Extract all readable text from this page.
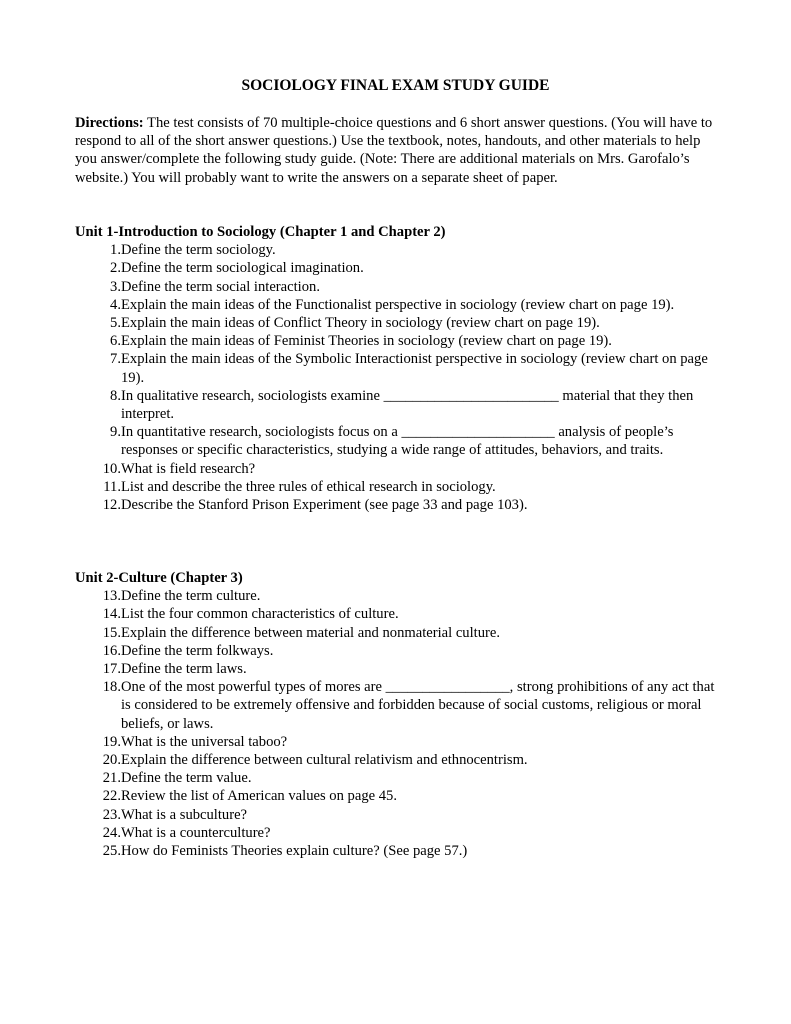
SOCIOLOGY FINAL EXAM STUDY GUIDE

Directions: The test consists of 70 multiple-choice questions and 6 short answer questions. (You will have to respond to all of the short answer questions.) Use the textbook, notes, handouts, and other materials to help you answer/complete the following study guide. (Note: There are additional materials on Mrs. Garofalo’s website.) You will probably want to write the answers on a separate sheet of paper.

Unit 1-Introduction to Sociology (Chapter 1 and Chapter 2)

1. Define the term sociology.
2. Define the term sociological imagination.
3. Define the term social interaction.
4. Explain the main ideas of the Functionalist perspective in sociology (review chart on page 19).
5. Explain the main ideas of Conflict Theory in sociology (review chart on page 19).
6. Explain the main ideas of Feminist Theories in sociology (review chart on page 19).
7. Explain the main ideas of the Symbolic Interactionist perspective in sociology (review chart on page 19).
8. In qualitative research, sociologists examine ________________________ material that they then interpret.
9. In quantitative research, sociologists focus on a _____________________ analysis of people’s responses or specific characteristics, studying a wide range of attitudes, behaviors, and traits.
10. What is field research?
11. List and describe the three rules of ethical research in sociology.
12. Describe the Stanford Prison Experiment (see page 33 and page 103).

Unit 2-Culture (Chapter 3)

13. Define the term culture.
14. List the four common characteristics of culture.
15. Explain the difference between material and nonmaterial culture.
16. Define the term folkways.
17. Define the term laws.
18. One of the most powerful types of mores are _________________, strong prohibitions of any act that is considered to be extremely offensive and forbidden because of social customs, religious or moral beliefs, or laws.
19. What is the universal taboo?
20. Explain the difference between cultural relativism and ethnocentrism.
21. Define the term value.
22. Review the list of American values on page 45.
23. What is a subculture?
24. What is a counterculture?
25. How do Feminists Theories explain culture? (See page 57.)
